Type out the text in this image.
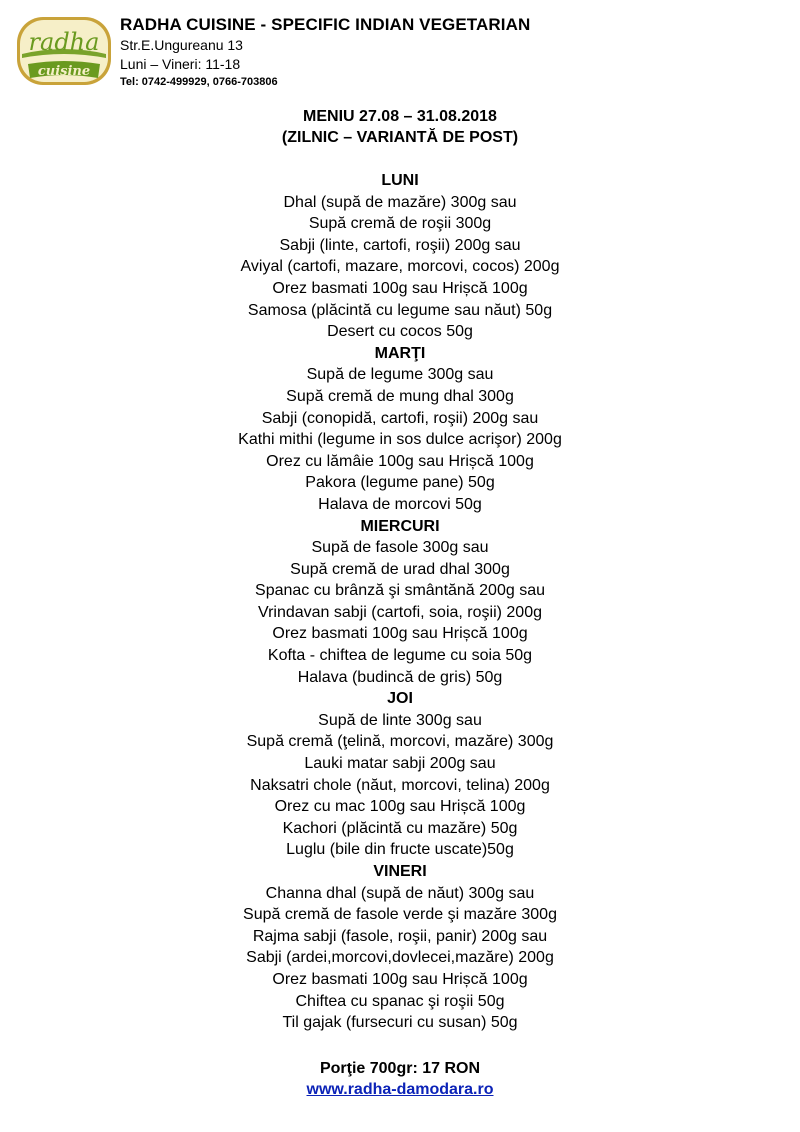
radha
cuisine
RADHA CUISINE - SPECIFIC INDIAN VEGETARIAN
Str.E.Ungureanu 13
Luni – Vineri: 11-18
Tel: 0742-499929, 0766-703806
MENIU 27.08 – 31.08.2018
(ZILNIC – VARIANTĂ DE POST)
LUNI
Dhal (supă de mazăre) 300g sau
Supă cremă de roşii 300g
Sabji (linte, cartofi, roşii) 200g sau
Aviyal (cartofi, mazare, morcovi, cocos) 200g
Orez basmati 100g sau Hrișcă 100g
Samosa (plăcintă cu legume sau năut) 50g
Desert cu cocos 50g
MARŢI
Supă de legume 300g sau
Supă cremă de mung dhal 300g
Sabji (conopidă, cartofi, roşii) 200g sau
Kathi mithi (legume in sos dulce acrişor) 200g
Orez cu lămâie 100g sau Hrișcă 100g
Pakora (legume pane) 50g
Halava de morcovi 50g
MIERCURI
Supă de fasole 300g sau
Supă cremă de urad dhal 300g
Spanac cu brânză şi smântănă 200g sau
Vrindavan sabji (cartofi, soia, roşii) 200g
Orez basmati 100g sau Hrișcă 100g
Kofta - chiftea de legume cu soia 50g
Halava (budincă de gris) 50g
JOI
Supă de linte 300g sau
Supă cremă (ţelină, morcovi, mazăre) 300g
Lauki matar sabji 200g sau
Naksatri chole (năut, morcovi, telina) 200g
Orez cu mac 100g sau Hrișcă 100g
Kachori (plăcintă cu mazăre) 50g
Luglu (bile din fructe uscate)50g
VINERI
Channa dhal (supă de năut) 300g sau
Supă cremă de fasole verde şi mazăre 300g
Rajma sabji (fasole, roşii, panir) 200g sau
Sabji (ardei,morcovi,dovlecei,mazăre) 200g
Orez basmati 100g sau Hrișcă 100g
Chiftea cu spanac şi roşii 50g
Til gajak (fursecuri cu susan) 50g
Porţie 700gr: 17 RON
www.radha-damodara.ro
